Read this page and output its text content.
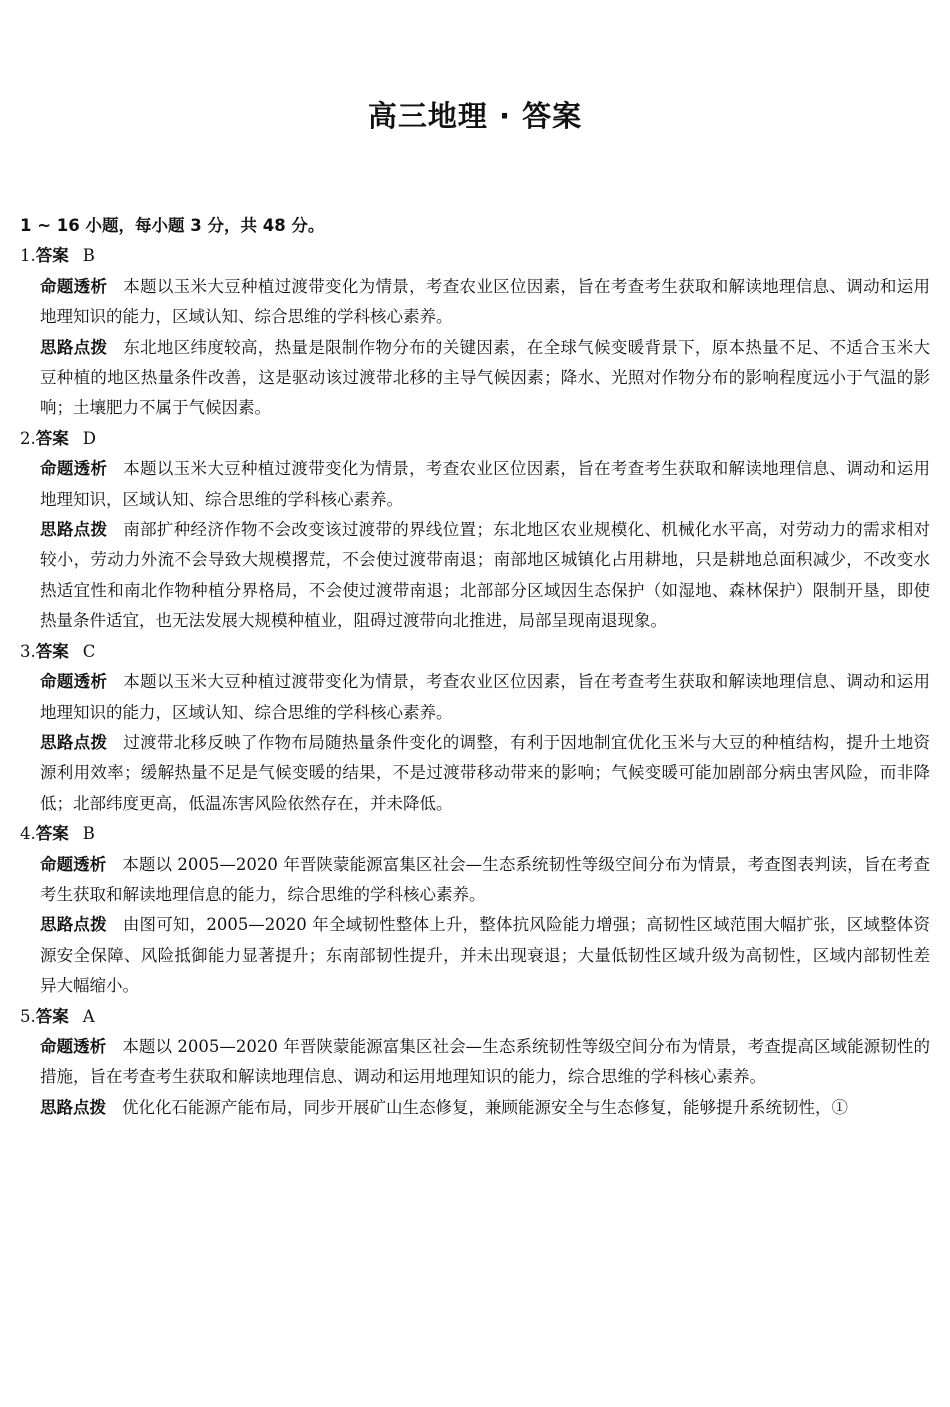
高三地理 · 答案

1 ~ 16 小题，每小题 3 分，共 48 分。

1.答案 B

命题透析 本题以玉米大豆种植过渡带变化为情景，考查农业区位因素，旨在考查考生获取和解读地理信息、调动和运用地理知识的能力，区域认知、综合思维的学科核心素养。

思路点拨 东北地区纬度较高，热量是限制作物分布的关键因素，在全球气候变暖背景下，原本热量不足、不适合玉米大豆种植的地区热量条件改善，这是驱动该过渡带北移的主导气候因素；降水、光照对作物分布的影响程度远小于气温的影响；土壤肥力不属于气候因素。

2.答案 D

命题透析 本题以玉米大豆种植过渡带变化为情景，考查农业区位因素，旨在考查考生获取和解读地理信息、调动和运用地理知识，区域认知、综合思维的学科核心素养。

思路点拨 南部扩种经济作物不会改变该过渡带的界线位置；东北地区农业规模化、机械化水平高，对劳动力的需求相对较小，劳动力外流不会导致大规模撂荒，不会使过渡带南退；南部地区城镇化占用耕地，只是耕地总面积减少，不改变水热适宜性和南北作物种植分界格局，不会使过渡带南退；北部部分区域因生态保护（如湿地、森林保护）限制开垦，即使热量条件适宜，也无法发展大规模种植业，阻碍过渡带向北推进，局部呈现南退现象。

3.答案 C

命题透析 本题以玉米大豆种植过渡带变化为情景，考查农业区位因素，旨在考查考生获取和解读地理信息、调动和运用地理知识的能力，区域认知、综合思维的学科核心素养。

思路点拨 过渡带北移反映了作物布局随热量条件变化的调整，有利于因地制宜优化玉米与大豆的种植结构，提升土地资源利用效率；缓解热量不足是气候变暖的结果，不是过渡带移动带来的影响；气候变暖可能加剧部分病虫害风险，而非降低；北部纬度更高，低温冻害风险依然存在，并未降低。

4.答案 B

命题透析 本题以 2005—2020 年晋陕蒙能源富集区社会—生态系统韧性等级空间分布为情景，考查图表判读，旨在考查考生获取和解读地理信息的能力，综合思维的学科核心素养。

思路点拨 由图可知，2005—2020 年全域韧性整体上升，整体抗风险能力增强；高韧性区域范围大幅扩张，区域整体资源安全保障、风险抵御能力显著提升；东南部韧性提升，并未出现衰退；大量低韧性区域升级为高韧性，区域内部韧性差异大幅缩小。

5.答案 A

命题透析 本题以 2005—2020 年晋陕蒙能源富集区社会—生态系统韧性等级空间分布为情景，考查提高区域能源韧性的措施，旨在考查考生获取和解读地理信息、调动和运用地理知识的能力，综合思维的学科核心素养。

思路点拨 优化化石能源产能布局，同步开展矿山生态修复，兼顾能源安全与生态修复，能够提升系统韧性，①
